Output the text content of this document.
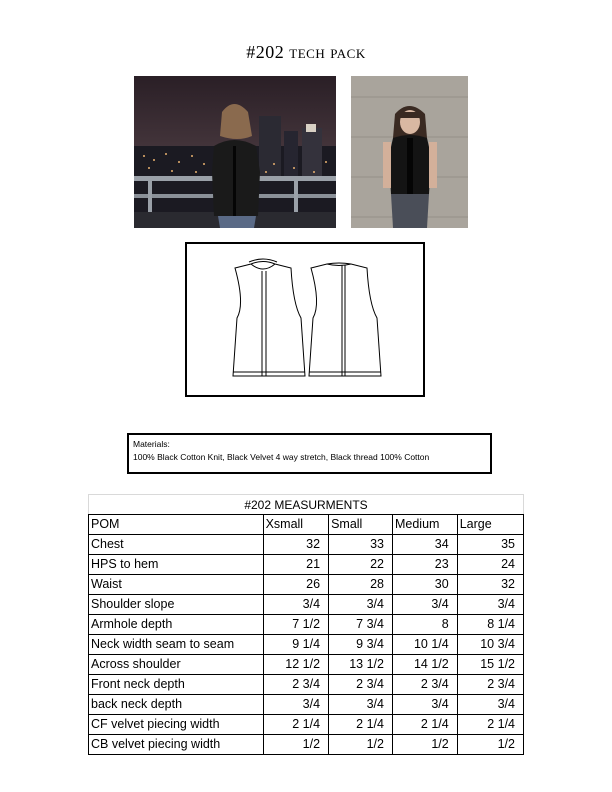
#202 tech pack
Materials:
100% Black Cotton Knit, Black Velvet 4 way stretch, Black thread 100% Cotton
#202 MEASURMENTS
POM	Xsmall	Small	Medium	Large
Chest	32	33	34	35
HPS to hem	21	22	23	24
Waist	26	28	30	32
Shoulder slope	3/4	3/4	3/4	3/4
Armhole depth	7 1/2	7 3/4	8	8 1/4
Neck width seam to seam	9 1/4	9 3/4	10 1/4	10 3/4
Across shoulder	12 1/2	13 1/2	14 1/2	15 1/2
Front neck depth	2 3/4	2 3/4	2 3/4	2 3/4
back neck depth	3/4	3/4	3/4	3/4
CF velvet piecing width	2 1/4	2 1/4	2 1/4	2 1/4
CB velvet piecing width	1/2	1/2	1/2	1/2
